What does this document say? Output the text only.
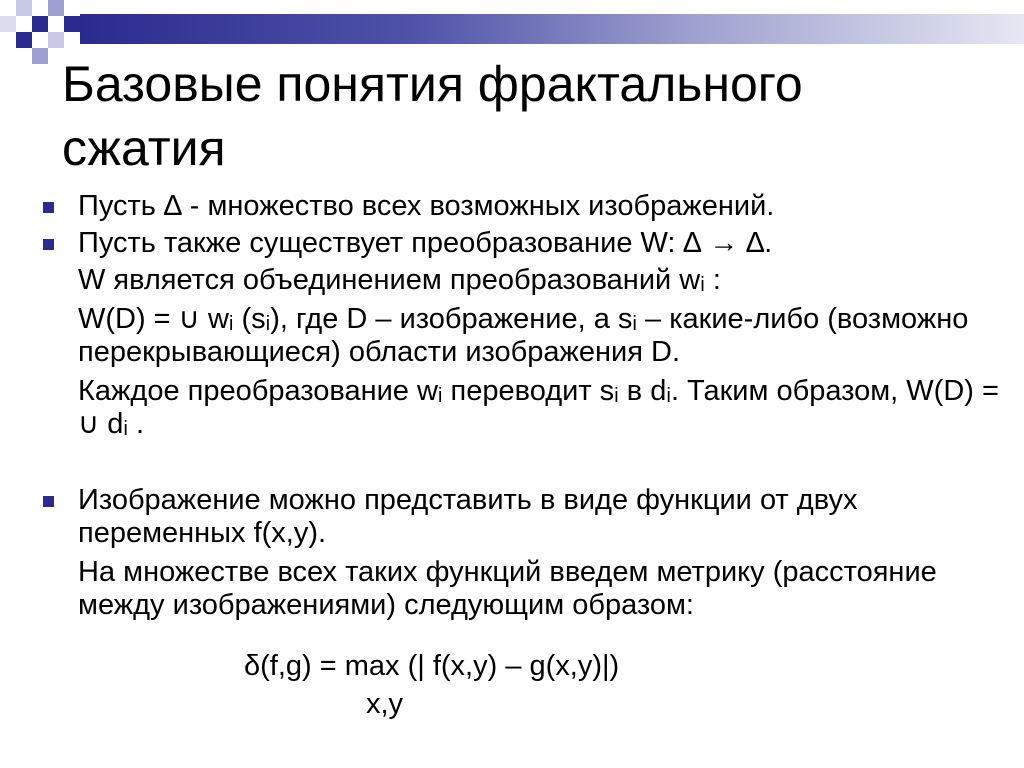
Базовые понятия фрактального сжатия

Пусть ∆ - множество всех возможных изображений.

Пусть также существует преобразование W: ∆ → ∆.

W является объединением преобразований wᵢ :

W(D) = ∪ wᵢ (sᵢ), где D – изображение, а sᵢ – какие-либо (возможно перекрывающиеся) области изображения D.

Каждое преобразование wᵢ переводит sᵢ в dᵢ. Таким образом, W(D) = ∪ dᵢ .

Изображение можно представить в виде функции от двух переменных f(x,y).

На множестве всех таких функций введем метрику (расстояние между изображениями) следующим образом:

δ(f,g) = max (| f(x,y) – g(x,y)|)
x,y
